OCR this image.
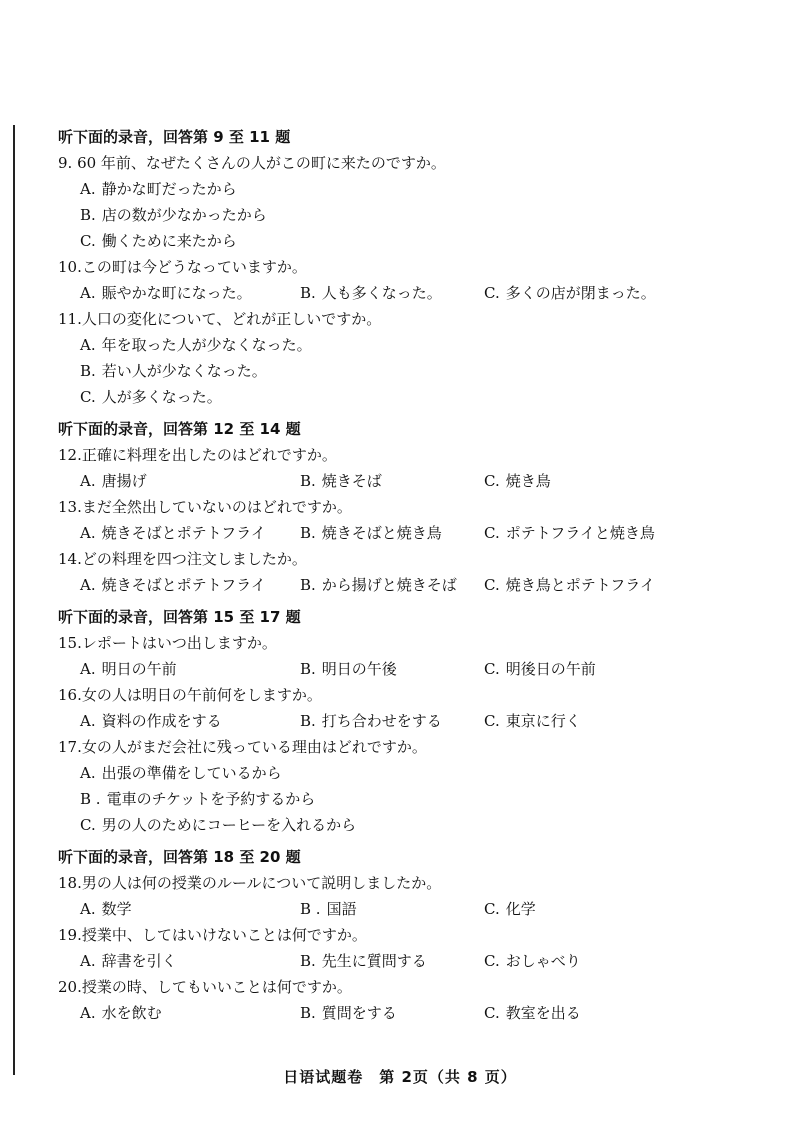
听下面的录音，回答第 9 至 11 题
9. 60 年前、なぜたくさんの人がこの町に来たのですか。
A. 静かな町だったから
B. 店の数が少なかったから
C. 働くために来たから
10.この町は今どうなっていますか。
A. 賑やかな町になった。	B. 人も多くなった。	C. 多くの店が閉まった。
11.人口の変化について、どれが正しいですか。
A. 年を取った人が少なくなった。
B. 若い人が少なくなった。
C. 人が多くなった。
听下面的录音，回答第 12 至 14 题
12.正確に料理を出したのはどれですか。
A. 唐揚げ	B. 焼きそば	C. 焼き鳥
13.まだ全然出していないのはどれですか。
A. 焼きそばとポテトフライ	B. 焼きそばと焼き鳥	C. ポテトフライと焼き鳥
14.どの料理を四つ注文しましたか。
A. 焼きそばとポテトフライ	B. から揚げと焼きそば	C. 焼き鳥とポテトフライ
听下面的录音，回答第 15 至 17 题
15.レポートはいつ出しますか。
A. 明日の午前	B. 明日の午後	C. 明後日の午前
16.女の人は明日の午前何をしますか。
A. 資料の作成をする	B. 打ち合わせをする	C. 東京に行く
17.女の人がまだ会社に残っている理由はどれですか。
A. 出張の準備をしているから
B . 電車のチケットを予約するから
C. 男の人のためにコーヒーを入れるから
听下面的录音，回答第 18 至 20 题
18.男の人は何の授業のルールについて説明しましたか。
A. 数学	B . 国語	C. 化学
19.授業中、してはいけないことは何ですか。
A. 辞書を引く	B. 先生に質問する	C. おしゃべり
20.授業の時、してもいいことは何ですか。
A. 水を飲む	B. 質問をする	C. 教室を出る
日语试题卷　第 2页（共 8 页）
